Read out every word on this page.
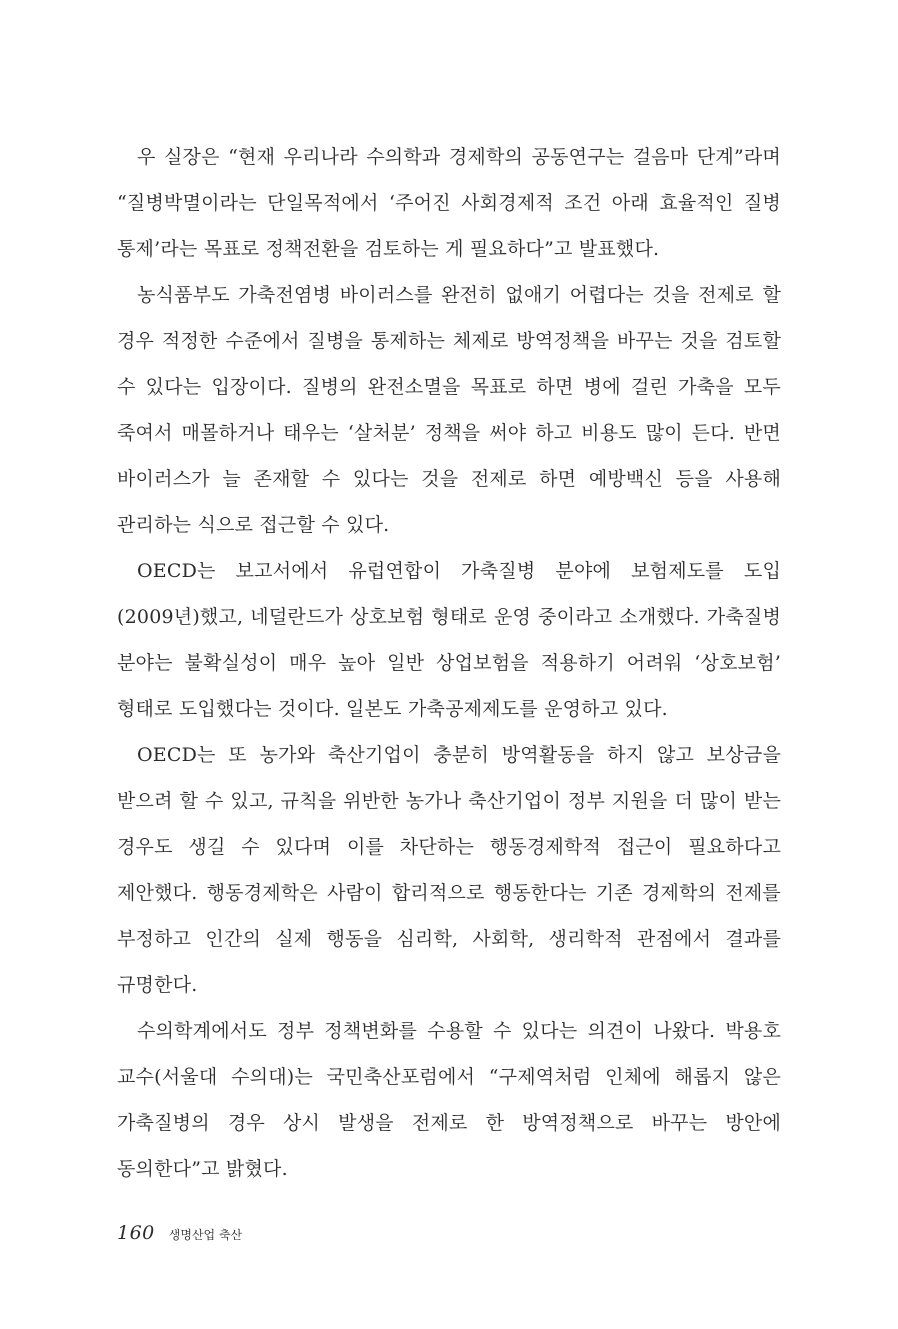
우 실장은 “현재 우리나라 수의학과 경제학의 공동연구는 걸음마 단계”라며 “질병박멸이라는 단일목적에서 ‘주어진 사회경제적 조건 아래 효율적인 질병 통제’라는 목표로 정책전환을 검토하는 게 필요하다”고 발표했다.

농식품부도 가축전염병 바이러스를 완전히 없애기 어렵다는 것을 전제로 할 경우 적정한 수준에서 질병을 통제하는 체제로 방역정책을 바꾸는 것을 검토할 수 있다는 입장이다. 질병의 완전소멸을 목표로 하면 병에 걸린 가축을 모두 죽여서 매몰하거나 태우는 ‘살처분’ 정책을 써야 하고 비용도 많이 든다. 반면 바이러스가 늘 존재할 수 있다는 것을 전제로 하면 예방백신 등을 사용해 관리하는 식으로 접근할 수 있다.

OECD는 보고서에서 유럽연합이 가축질병 분야에 보험제도를 도입(2009년)했고, 네덜란드가 상호보험 형태로 운영 중이라고 소개했다. 가축질병 분야는 불확실성이 매우 높아 일반 상업보험을 적용하기 어려워 ‘상호보험’ 형태로 도입했다는 것이다. 일본도 가축공제제도를 운영하고 있다.

OECD는 또 농가와 축산기업이 충분히 방역활동을 하지 않고 보상금을 받으려 할 수 있고, 규칙을 위반한 농가나 축산기업이 정부 지원을 더 많이 받는 경우도 생길 수 있다며 이를 차단하는 행동경제학적 접근이 필요하다고 제안했다. 행동경제학은 사람이 합리적으로 행동한다는 기존 경제학의 전제를 부정하고 인간의 실제 행동을 심리학, 사회학, 생리학적 관점에서 결과를 규명한다.

수의학계에서도 정부 정책변화를 수용할 수 있다는 의견이 나왔다. 박용호 교수(서울대 수의대)는 국민축산포럼에서 “구제역처럼 인체에 해롭지 않은 가축질병의 경우 상시 발생을 전제로 한 방역정책으로 바꾸는 방안에 동의한다”고 밝혔다.

160 생명산업 축산
